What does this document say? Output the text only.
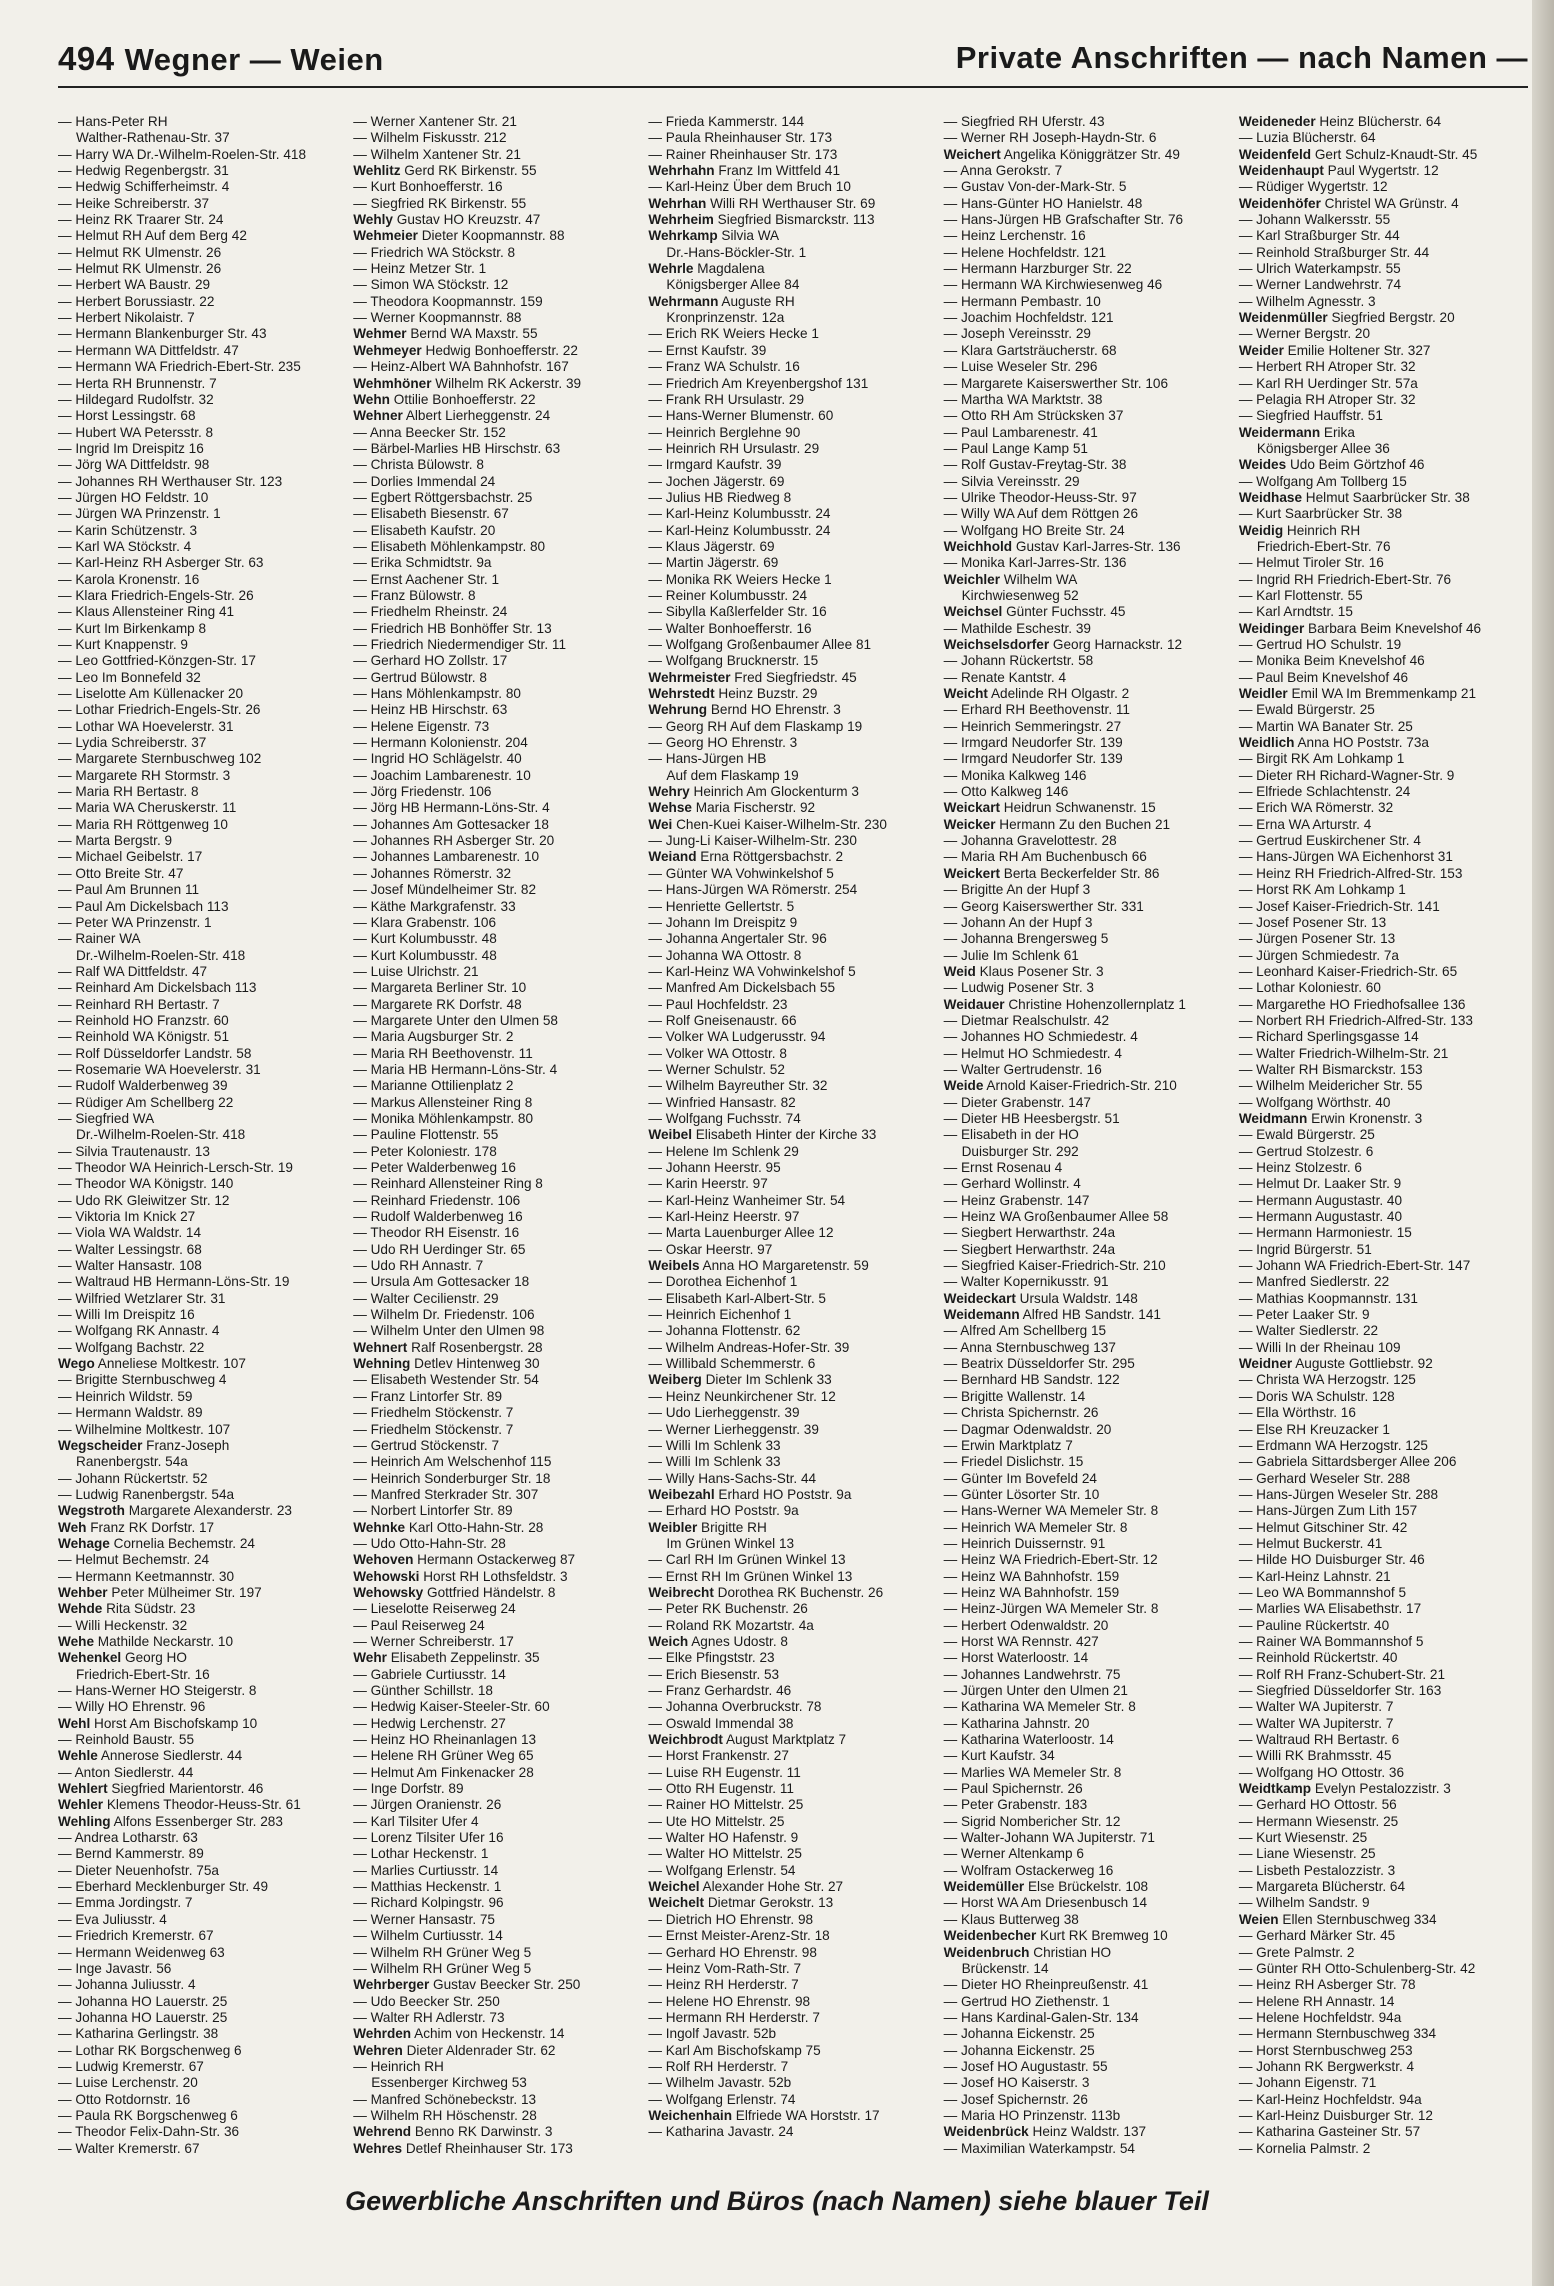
494 Wegner — Weien	Private Anschriften — nach Namen —
— Hans-Peter RH
Walther-Rathenau-Str. 37
— Harry WA Dr.-Wilhelm-Roelen-Str. 418
— Hedwig Regenbergstr. 31
— Hedwig Schifferheimstr. 4
— Heike Schreiberstr. 37
— Heinz RK Traarer Str. 24
— Helmut RH Auf dem Berg 42
— Helmut RK Ulmenstr. 26
— Helmut RK Ulmenstr. 26
— Herbert WA Baustr. 29
— Herbert Borussiastr. 22
— Herbert Nikolaistr. 7
— Hermann Blankenburger Str. 43
— Hermann WA Dittfeldstr. 47
— Hermann WA Friedrich-Ebert-Str. 235
— Herta RH Brunnenstr. 7
— Hildegard Rudolfstr. 32
— Horst Lessingstr. 68
— Hubert WA Petersstr. 8
— Ingrid Im Dreispitz 16
— Jörg WA Dittfeldstr. 98
— Johannes RH Werthauser Str. 123
— Jürgen HO Feldstr. 10
— Jürgen WA Prinzenstr. 1
— Karin Schützenstr. 3
— Karl WA Stöckstr. 4
— Karl-Heinz RH Asberger Str. 63
— Karola Kronenstr. 16
— Klara Friedrich-Engels-Str. 26
— Klaus Allensteiner Ring 41
— Kurt Im Birkenkamp 8
— Kurt Knappenstr. 9
— Leo Gottfried-Könzgen-Str. 17
— Leo Im Bonnefeld 32
— Liselotte Am Küllenacker 20
— Lothar Friedrich-Engels-Str. 26
— Lothar WA Hoevelerstr. 31
— Lydia Schreiberstr. 37
— Margarete Sternbuschweg 102
— Margarete RH Stormstr. 3
— Maria RH Bertastr. 8
— Maria WA Cheruskerstr. 11
— Maria RH Röttgenweg 10
— Marta Bergstr. 9
— Michael Geibelstr. 17
— Otto Breite Str. 47
— Paul Am Brunnen 11
— Paul Am Dickelsbach 113
— Peter WA Prinzenstr. 1
— Rainer WA
Dr.-Wilhelm-Roelen-Str. 418
— Ralf WA Dittfeldstr. 47
— Reinhard Am Dickelsbach 113
— Reinhard RH Bertastr. 7
— Reinhold HO Franzstr. 60
— Reinhold WA Königstr. 51
— Rolf Düsseldorfer Landstr. 58
— Rosemarie WA Hoevelerstr. 31
— Rudolf Walderbenweg 39
— Rüdiger Am Schellberg 22
— Siegfried WA
Dr.-Wilhelm-Roelen-Str. 418
— Silvia Trautenaustr. 13
— Theodor WA Heinrich-Lersch-Str. 19
— Theodor WA Königstr. 140
— Udo RK Gleiwitzer Str. 12
— Viktoria Im Knick 27
— Viola WA Waldstr. 14
— Walter Lessingstr. 68
— Walter Hansastr. 108
— Waltraud HB Hermann-Löns-Str. 19
— Wilfried Wetzlarer Str. 31
— Willi Im Dreispitz 16
— Wolfgang RK Annastr. 4
— Wolfgang Bachstr. 22
Wego Anneliese Moltkestr. 107
— Brigitte Sternbuschweg 4
— Heinrich Wildstr. 59
— Hermann Waldstr. 89
— Wilhelmine Moltkestr. 107
Wegscheider Franz-Joseph
Ranenbergstr. 54a
— Johann Rückertstr. 52
— Ludwig Ranenbergstr. 54a
Wegstroth Margarete Alexanderstr. 23
Weh Franz RK Dorfstr. 17
Wehage Cornelia Bechemstr. 24
— Helmut Bechemstr. 24
— Hermann Keetmannstr. 30
Wehber Peter Mülheimer Str. 197
Wehde Rita Südstr. 23
— Willi Heckenstr. 32
Wehe Mathilde Neckarstr. 10
Wehenkel Georg HO
Friedrich-Ebert-Str. 16
— Hans-Werner HO Steigerstr. 8
— Willy HO Ehrenstr. 96
Wehl Horst Am Bischofskamp 10
— Reinhold Baustr. 55
Wehle Annerose Siedlerstr. 44
— Anton Siedlerstr. 44
Wehlert Siegfried Marientorstr. 46
Wehler Klemens Theodor-Heuss-Str. 61
Wehling Alfons Essenberger Str. 283
— Andrea Lotharstr. 63
— Bernd Kammerstr. 89
— Dieter Neuenhofstr. 75a
— Eberhard Mecklenburger Str. 49
— Emma Jordingstr. 7
— Eva Juliusstr. 4
— Friedrich Kremerstr. 67
— Hermann Weidenweg 63
— Inge Javastr. 56
— Johanna Juliusstr. 4
— Johanna HO Lauerstr. 25
— Johanna HO Lauerstr. 25
— Katharina Gerlingstr. 38
— Lothar RK Borgschenweg 6
— Ludwig Kremerstr. 67
— Luise Lerchenstr. 20
— Otto Rotdornstr. 16
— Paula RK Borgschenweg 6
— Theodor Felix-Dahn-Str. 36
— Walter Kremerstr. 67
— Werner Xantener Str. 21
— Wilhelm Fiskusstr. 212
— Wilhelm Xantener Str. 21
Wehlitz Gerd RK Birkenstr. 55
— Kurt Bonhoefferstr. 16
— Siegfried RK Birkenstr. 55
Wehly Gustav HO Kreuzstr. 47
Wehmeier Dieter Koopmannstr. 88
— Friedrich WA Stöckstr. 8
— Heinz Metzer Str. 1
— Simon WA Stöckstr. 12
— Theodora Koopmannstr. 159
— Werner Koopmannstr. 88
Wehmer Bernd WA Maxstr. 55
Wehmeyer Hedwig Bonhoefferstr. 22
— Heinz-Albert WA Bahnhofstr. 167
Wehmhöner Wilhelm RK Ackerstr. 39
Wehn Ottilie Bonhoefferstr. 22
Wehner Albert Lierheggenstr. 24
— Anna Beecker Str. 152
— Bärbel-Marlies HB Hirschstr. 63
— Christa Bülowstr. 8
— Dorlies Immendal 24
— Egbert Röttgersbachstr. 25
— Elisabeth Biesenstr. 67
— Elisabeth Kaufstr. 20
— Elisabeth Möhlenkampstr. 80
— Erika Schmidtstr. 9a
— Ernst Aachener Str. 1
— Franz Bülowstr. 8
— Friedhelm Rheinstr. 24
— Friedrich HB Bonhöffer Str. 13
— Friedrich Niedermendiger Str. 11
— Gerhard HO Zollstr. 17
— Gertrud Bülowstr. 8
— Hans Möhlenkampstr. 80
— Heinz HB Hirschstr. 63
— Helene Eigenstr. 73
— Hermann Kolonienstr. 204
— Ingrid HO Schlägelstr. 40
— Joachim Lambarenestr. 10
— Jörg Friedenstr. 106
— Jörg HB Hermann-Löns-Str. 4
— Johannes Am Gottesacker 18
— Johannes RH Asberger Str. 20
— Johannes Lambarenestr. 10
— Johannes Römerstr. 32
— Josef Mündelheimer Str. 82
— Käthe Markgrafenstr. 33
— Klara Grabenstr. 106
— Kurt Kolumbusstr. 48
— Kurt Kolumbusstr. 48
— Luise Ulrichstr. 21
— Margareta Berliner Str. 10
— Margarete RK Dorfstr. 48
— Margarete Unter den Ulmen 58
— Maria Augsburger Str. 2
— Maria RH Beethovenstr. 11
— Maria HB Hermann-Löns-Str. 4
— Marianne Ottilienplatz 2
— Markus Allensteiner Ring 8
— Monika Möhlenkampstr. 80
— Pauline Flottenstr. 55
— Peter Koloniestr. 178
— Peter Walderbenweg 16
— Reinhard Allensteiner Ring 8
— Reinhard Friedenstr. 106
— Rudolf Walderbenweg 16
— Theodor RH Eisenstr. 16
— Udo RH Uerdinger Str. 65
— Udo RH Annastr. 7
— Ursula Am Gottesacker 18
— Walter Cecilienstr. 29
— Wilhelm Dr. Friedenstr. 106
— Wilhelm Unter den Ulmen 98
Wehnert Ralf Rosenbergstr. 28
Wehning Detlev Hintenweg 30
— Elisabeth Westender Str. 54
— Franz Lintorfer Str. 89
— Friedhelm Stöckenstr. 7
— Friedhelm Stöckenstr. 7
— Gertrud Stöckenstr. 7
— Heinrich Am Welschenhof 115
— Heinrich Sonderburger Str. 18
— Manfred Sterkrader Str. 307
— Norbert Lintorfer Str. 89
Wehnke Karl Otto-Hahn-Str. 28
— Udo Otto-Hahn-Str. 28
Wehoven Hermann Ostackerweg 87
Wehowski Horst RH Lothsfeldstr. 3
Wehowsky Gottfried Händelstr. 8
— Lieselotte Reiserweg 24
— Paul Reiserweg 24
— Werner Schreiberstr. 17
Wehr Elisabeth Zeppelinstr. 35
— Gabriele Curtiusstr. 14
— Günther Schillstr. 18
— Hedwig Kaiser-Steeler-Str. 60
— Hedwig Lerchenstr. 27
— Heinz HO Rheinanlagen 13
— Helene RH Grüner Weg 65
— Helmut Am Finkenacker 28
— Inge Dorfstr. 89
— Jürgen Oranienstr. 26
— Karl Tilsiter Ufer 4
— Lorenz Tilsiter Ufer 16
— Lothar Heckenstr. 1
— Marlies Curtiusstr. 14
— Matthias Heckenstr. 1
— Richard Kolpingstr. 96
— Werner Hansastr. 75
— Wilhelm Curtiusstr. 14
— Wilhelm RH Grüner Weg 5
— Wilhelm RH Grüner Weg 5
Wehrberger Gustav Beecker Str. 250
— Udo Beecker Str. 250
— Walter RH Adlerstr. 73
Wehrden Achim von Heckenstr. 14
Wehren Dieter Aldenrader Str. 62
— Heinrich RH
Essenberger Kirchweg 53
— Manfred Schönebeckstr. 13
— Wilhelm RH Höschenstr. 28
Wehrend Benno RK Darwinstr. 3
Wehres Detlef Rheinhauser Str. 173
— Frieda Kammerstr. 144
— Paula Rheinhauser Str. 173
— Rainer Rheinhauser Str. 173
Wehrhahn Franz Im Wittfeld 41
— Karl-Heinz Über dem Bruch 10
Wehrhan Willi RH Werthauser Str. 69
Wehrheim Siegfried Bismarckstr. 113
Wehrkamp Silvia WA
Dr.-Hans-Böckler-Str. 1
Wehrle Magdalena
Königsberger Allee 84
Wehrmann Auguste RH
Kronprinzenstr. 12a
— Erich RK Weiers Hecke 1
— Ernst Kaufstr. 39
— Franz WA Schulstr. 16
— Friedrich Am Kreyenbergshof 131
— Frank RH Ursulastr. 29
— Hans-Werner Blumenstr. 60
— Heinrich Berglehne 90
— Heinrich RH Ursulastr. 29
— Irmgard Kaufstr. 39
— Jochen Jägerstr. 69
— Julius HB Riedweg 8
— Karl-Heinz Kolumbusstr. 24
— Karl-Heinz Kolumbusstr. 24
— Klaus Jägerstr. 69
— Martin Jägerstr. 69
— Monika RK Weiers Hecke 1
— Reiner Kolumbusstr. 24
— Sibylla Kaßlerfelder Str. 16
— Walter Bonhoefferstr. 16
— Wolfgang Großenbaumer Allee 81
— Wolfgang Brucknerstr. 15
Wehrmeister Fred Siegfriedstr. 45
Wehrstedt Heinz Buzstr. 29
Wehrung Bernd HO Ehrenstr. 3
— Georg RH Auf dem Flaskamp 19
— Georg HO Ehrenstr. 3
— Hans-Jürgen HB
Auf dem Flaskamp 19
Wehry Heinrich Am Glockenturm 3
Wehse Maria Fischerstr. 92
Wei Chen-Kuei Kaiser-Wilhelm-Str. 230
— Jung-Li Kaiser-Wilhelm-Str. 230
Weiand Erna Röttgersbachstr. 2
— Günter WA Vohwinkelshof 5
— Hans-Jürgen WA Römerstr. 254
— Henriette Gellertstr. 5
— Johann Im Dreispitz 9
— Johanna Angertaler Str. 96
— Johanna WA Ottostr. 8
— Karl-Heinz WA Vohwinkelshof 5
— Manfred Am Dickelsbach 55
— Paul Hochfeldstr. 23
— Rolf Gneisenaustr. 66
— Volker WA Ludgerusstr. 94
— Volker WA Ottostr. 8
— Werner Schulstr. 52
— Wilhelm Bayreuther Str. 32
— Winfried Hansastr. 82
— Wolfgang Fuchsstr. 74
Weibel Elisabeth Hinter der Kirche 33
— Helene Im Schlenk 29
— Johann Heerstr. 95
— Karin Heerstr. 97
— Karl-Heinz Wanheimer Str. 54
— Karl-Heinz Heerstr. 97
— Marta Lauenburger Allee 12
— Oskar Heerstr. 97
Weibels Anna HO Margaretenstr. 59
— Dorothea Eichenhof 1
— Elisabeth Karl-Albert-Str. 5
— Heinrich Eichenhof 1
— Johanna Flottenstr. 62
— Wilhelm Andreas-Hofer-Str. 39
— Willibald Schemmerstr. 6
Weiberg Dieter Im Schlenk 33
— Heinz Neunkirchener Str. 12
— Udo Lierheggenstr. 39
— Werner Lierheggenstr. 39
— Willi Im Schlenk 33
— Willi Im Schlenk 33
— Willy Hans-Sachs-Str. 44
Weibezahl Erhard HO Poststr. 9a
— Erhard HO Poststr. 9a
Weibler Brigitte RH
Im Grünen Winkel 13
— Carl RH Im Grünen Winkel 13
— Ernst RH Im Grünen Winkel 13
Weibrecht Dorothea RK Buchenstr. 26
— Peter RK Buchenstr. 26
— Roland RK Mozartstr. 4a
Weich Agnes Udostr. 8
— Elke Pfingststr. 23
— Erich Biesenstr. 53
— Franz Gerhardstr. 46
— Johanna Overbruckstr. 78
— Oswald Immendal 38
Weichbrodt August Marktplatz 7
— Horst Frankenstr. 27
— Luise RH Eugenstr. 11
— Otto RH Eugenstr. 11
— Rainer HO Mittelstr. 25
— Ute HO Mittelstr. 25
— Walter HO Hafenstr. 9
— Walter HO Mittelstr. 25
— Wolfgang Erlenstr. 54
Weichel Alexander Hohe Str. 27
Weichelt Dietmar Gerokstr. 13
— Dietrich HO Ehrenstr. 98
— Ernst Meister-Arenz-Str. 18
— Gerhard HO Ehrenstr. 98
— Heinz Vom-Rath-Str. 7
— Heinz RH Herderstr. 7
— Helene HO Ehrenstr. 98
— Hermann RH Herderstr. 7
— Ingolf Javastr. 52b
— Karl Am Bischofskamp 75
— Rolf RH Herderstr. 7
— Wilhelm Javastr. 52b
— Wolfgang Erlenstr. 74
Weichenhain Elfriede WA Horststr. 17
— Katharina Javastr. 24
— Siegfried RH Uferstr. 43
— Werner RH Joseph-Haydn-Str. 6
Weichert Angelika Königgrätzer Str. 49
— Anna Gerokstr. 7
— Gustav Von-der-Mark-Str. 5
— Hans-Günter HO Hanielstr. 48
— Hans-Jürgen HB Grafschafter Str. 76
— Heinz Lerchenstr. 16
— Helene Hochfeldstr. 121
— Hermann Harzburger Str. 22
— Hermann WA Kirchwiesenweg 46
— Hermann Pembastr. 10
— Joachim Hochfeldstr. 121
— Joseph Vereinsstr. 29
— Klara Gartsträucherstr. 68
— Luise Weseler Str. 296
— Margarete Kaiserswerther Str. 106
— Martha WA Marktstr. 38
— Otto RH Am Strücksken 37
— Paul Lambarenestr. 41
— Paul Lange Kamp 51
— Rolf Gustav-Freytag-Str. 38
— Silvia Vereinsstr. 29
— Ulrike Theodor-Heuss-Str. 97
— Willy WA Auf dem Röttgen 26
— Wolfgang HO Breite Str. 24
Weichhold Gustav Karl-Jarres-Str. 136
— Monika Karl-Jarres-Str. 136
Weichler Wilhelm WA
Kirchwiesenweg 52
Weichsel Günter Fuchsstr. 45
— Mathilde Eschestr. 39
Weichselsdorfer Georg Harnackstr. 12
— Johann Rückertstr. 58
— Renate Kantstr. 4
Weicht Adelinde RH Olgastr. 2
— Erhard RH Beethovenstr. 11
— Heinrich Semmeringstr. 27
— Irmgard Neudorfer Str. 139
— Irmgard Neudorfer Str. 139
— Monika Kalkweg 146
— Otto Kalkweg 146
Weickart Heidrun Schwanenstr. 15
Weicker Hermann Zu den Buchen 21
— Johanna Gravelottestr. 28
— Maria RH Am Buchenbusch 66
Weickert Berta Beckerfelder Str. 86
— Brigitte An der Hupf 3
— Georg Kaiserswerther Str. 331
— Johann An der Hupf 3
— Johanna Brengersweg 5
— Julie Im Schlenk 61
Weid Klaus Posener Str. 3
— Ludwig Posener Str. 3
Weidauer Christine Hohenzollernplatz 1
— Dietmar Realschulstr. 42
— Johannes HO Schmiedestr. 4
— Helmut HO Schmiedestr. 4
— Walter Gertrudenstr. 16
Weide Arnold Kaiser-Friedrich-Str. 210
— Dieter Grabenstr. 147
— Dieter HB Heesbergstr. 51
— Elisabeth in der HO
Duisburger Str. 292
— Ernst Rosenau 4
— Gerhard Wollinstr. 4
— Heinz Grabenstr. 147
— Heinz WA Großenbaumer Allee 58
— Siegbert Herwarthstr. 24a
— Siegbert Herwarthstr. 24a
— Siegfried Kaiser-Friedrich-Str. 210
— Walter Kopernikusstr. 91
Weideckart Ursula Waldstr. 148
Weidemann Alfred HB Sandstr. 141
— Alfred Am Schellberg 15
— Anna Sternbuschweg 137
— Beatrix Düsseldorfer Str. 295
— Bernhard HB Sandstr. 122
— Brigitte Wallenstr. 14
— Christa Spichernstr. 26
— Dagmar Odenwaldstr. 20
— Erwin Marktplatz 7
— Friedel Dislichstr. 15
— Günter Im Bovefeld 24
— Günter Lösorter Str. 10
— Hans-Werner WA Memeler Str. 8
— Heinrich WA Memeler Str. 8
— Heinrich Duissernstr. 91
— Heinz WA Friedrich-Ebert-Str. 12
— Heinz WA Bahnhofstr. 159
— Heinz WA Bahnhofstr. 159
— Heinz-Jürgen WA Memeler Str. 8
— Herbert Odenwaldstr. 20
— Horst WA Rennstr. 427
— Horst Waterloostr. 14
— Johannes Landwehrstr. 75
— Jürgen Unter den Ulmen 21
— Katharina WA Memeler Str. 8
— Katharina Jahnstr. 20
— Katharina Waterloostr. 14
— Kurt Kaufstr. 34
— Marlies WA Memeler Str. 8
— Paul Spichernstr. 26
— Peter Grabenstr. 183
— Sigrid Nombericher Str. 12
— Walter-Johann WA Jupiterstr. 71
— Werner Altenkamp 6
— Wolfram Ostackerweg 16
Weidemüller Else Brückelstr. 108
— Horst WA Am Driesenbusch 14
— Klaus Butterweg 38
Weidenbecher Kurt RK Bremweg 10
Weidenbruch Christian HO
Brückenstr. 14
— Dieter HO Rheinpreußenstr. 41
— Gertrud HO Ziethenstr. 1
— Hans Kardinal-Galen-Str. 134
— Johanna Eickenstr. 25
— Johanna Eickenstr. 25
— Josef HO Augustastr. 55
— Josef HO Kaiserstr. 3
— Josef Spichernstr. 26
— Maria HO Prinzenstr. 113b
Weidenbrück Heinz Waldstr. 137
— Maximilian Waterkampstr. 54
Weideneder Heinz Blücherstr. 64
— Luzia Blücherstr. 64
Weidenfeld Gert Schulz-Knaudt-Str. 45
Weidenhaupt Paul Wygertstr. 12
— Rüdiger Wygertstr. 12
Weidenhöfer Christel WA Grünstr. 4
— Johann Walkersstr. 55
— Karl Straßburger Str. 44
— Reinhold Straßburger Str. 44
— Ulrich Waterkampstr. 55
— Werner Landwehrstr. 74
— Wilhelm Agnesstr. 3
Weidenmüller Siegfried Bergstr. 20
— Werner Bergstr. 20
Weider Emilie Holtener Str. 327
— Herbert RH Atroper Str. 32
— Karl RH Uerdinger Str. 57a
— Pelagia RH Atroper Str. 32
— Siegfried Hauffstr. 51
Weidermann Erika
Königsberger Allee 36
Weides Udo Beim Görtzhof 46
— Wolfgang Am Tollberg 15
Weidhase Helmut Saarbrücker Str. 38
— Kurt Saarbrücker Str. 38
Weidig Heinrich RH
Friedrich-Ebert-Str. 76
— Helmut Tiroler Str. 16
— Ingrid RH Friedrich-Ebert-Str. 76
— Karl Flottenstr. 55
— Karl Arndtstr. 15
Weidinger Barbara Beim Knevelshof 46
— Gertrud HO Schulstr. 19
— Monika Beim Knevelshof 46
— Paul Beim Knevelshof 46
Weidler Emil WA Im Bremmenkamp 21
— Ewald Bürgerstr. 25
— Martin WA Banater Str. 25
Weidlich Anna HO Poststr. 73a
— Birgit RK Am Lohkamp 1
— Dieter RH Richard-Wagner-Str. 9
— Elfriede Schlachtenstr. 24
— Erich WA Römerstr. 32
— Erna WA Arturstr. 4
— Gertrud Euskirchener Str. 4
— Hans-Jürgen WA Eichenhorst 31
— Heinz RH Friedrich-Alfred-Str. 153
— Horst RK Am Lohkamp 1
— Josef Kaiser-Friedrich-Str. 141
— Josef Posener Str. 13
— Jürgen Posener Str. 13
— Jürgen Schmiedestr. 7a
— Leonhard Kaiser-Friedrich-Str. 65
— Lothar Koloniestr. 60
— Margarethe HO Friedhofsallee 136
— Norbert RH Friedrich-Alfred-Str. 133
— Richard Sperlingsgasse 14
— Walter Friedrich-Wilhelm-Str. 21
— Walter RH Bismarckstr. 153
— Wilhelm Meidericher Str. 55
— Wolfgang Wörthstr. 40
Weidmann Erwin Kronenstr. 3
— Ewald Bürgerstr. 25
— Gertrud Stolzestr. 6
— Heinz Stolzestr. 6
— Helmut Dr. Laaker Str. 9
— Hermann Augustastr. 40
— Hermann Augustastr. 40
— Hermann Harmoniestr. 15
— Ingrid Bürgerstr. 51
— Johann WA Friedrich-Ebert-Str. 147
— Manfred Siedlerstr. 22
— Mathias Koopmannstr. 131
— Peter Laaker Str. 9
— Walter Siedlerstr. 22
— Willi In der Rheinau 109
Weidner Auguste Gottliebstr. 92
— Christa WA Herzogstr. 125
— Doris WA Schulstr. 128
— Ella Wörthstr. 16
— Else RH Kreuzacker 1
— Erdmann WA Herzogstr. 125
— Gabriela Sittardsberger Allee 206
— Gerhard Weseler Str. 288
— Hans-Jürgen Weseler Str. 288
— Hans-Jürgen Zum Lith 157
— Helmut Gitschiner Str. 42
— Helmut Buckerstr. 41
— Hilde HO Duisburger Str. 46
— Karl-Heinz Lahnstr. 21
— Leo WA Bommannshof 5
— Marlies WA Elisabethstr. 17
— Pauline Rückertstr. 40
— Rainer WA Bommannshof 5
— Reinhold Rückertstr. 40
— Rolf RH Franz-Schubert-Str. 21
— Siegfried Düsseldorfer Str. 163
— Walter WA Jupiterstr. 7
— Walter WA Jupiterstr. 7
— Waltraud RH Bertastr. 6
— Willi RK Brahmsstr. 45
— Wolfgang HO Ottostr. 36
Weidtkamp Evelyn Pestalozzistr. 3
— Gerhard HO Ottostr. 56
— Hermann Wiesenstr. 25
— Kurt Wiesenstr. 25
— Liane Wiesenstr. 25
— Lisbeth Pestalozzistr. 3
— Margareta Blücherstr. 64
— Wilhelm Sandstr. 9
Weien Ellen Sternbuschweg 334
— Gerhard Märker Str. 45
— Grete Palmstr. 2
— Günter RH Otto-Schulenberg-Str. 42
— Heinz RH Asberger Str. 78
— Helene RH Annastr. 14
— Helene Hochfeldstr. 94a
— Hermann Sternbuschweg 334
— Horst Sternbuschweg 253
— Johann RK Bergwerkstr. 4
— Johann Eigenstr. 71
— Karl-Heinz Hochfeldstr. 94a
— Karl-Heinz Duisburger Str. 12
— Katharina Gasteiner Str. 57
— Kornelia Palmstr. 2
Gewerbliche Anschriften und Büros (nach Namen) siehe blauer Teil
